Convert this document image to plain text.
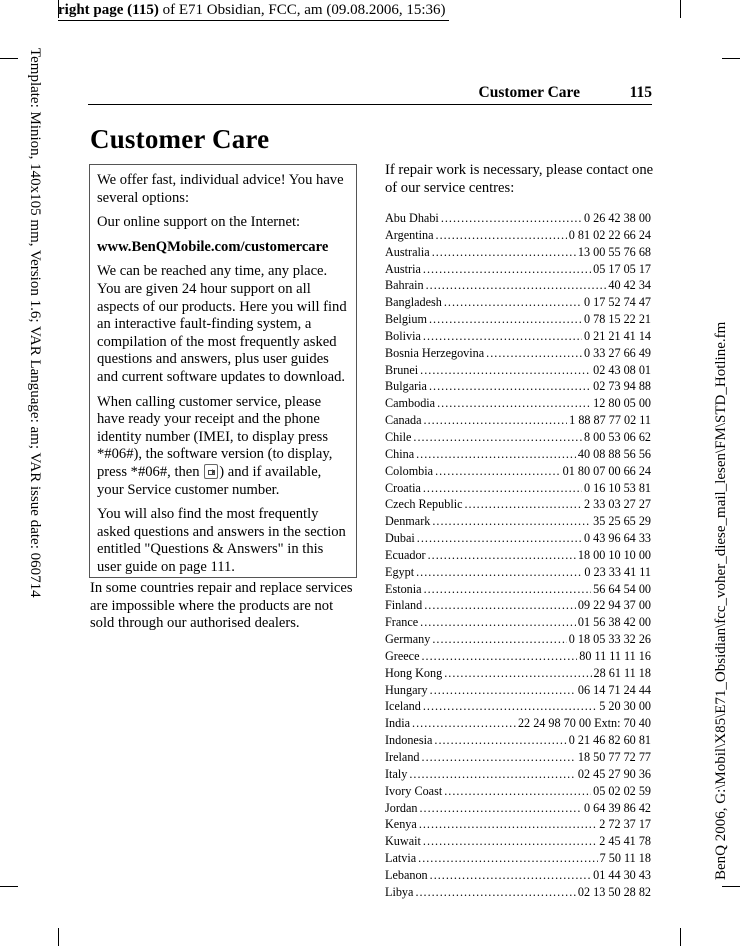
right page (115) of E71 Obsidian, FCC, am (09.08.2006, 15:36)
Template: Minion, 140x105 mm, Version 1.6; VAR Language: am; VAR issue date: 060714	BenQ 2006, G:\Mobil\X85\E71_Obsidian\fcc_voher_diese_mail_lesen\FM\STD_Hotline.fm
Customer Care	115
Customer Care

We offer fast, individual advice! You have several options:

Our online support on the Internet:

www.BenQMobile.com/customercare

We can be reached any time, any place. You are given 24 hour support on all aspects of our products. Here you will find an interactive fault-finding system, a compilation of the most frequently asked questions and answers, plus user guides and current software updates to download.

When calling customer service, please have ready your receipt and the phone identity number (IMEI, to display press *#06#), the software version (to display, press *#06#, then ) and if available, your Service customer number.

You will also find the most frequently asked questions and answers in the section entitled "Questions & Answers" in this user guide on page 111.

In some countries repair and replace services are impossible where the products are not sold through our authorised dealers.

If repair work is necessary, please contact one of our service centres:

Abu Dhabi .....	0 26 42 38 00
Argentina .....	0 81 02 22 66 24
Australia .....	13 00 55 76 68
Austria .....	05 17 05 17
Bahrain .....	40 42 34
Bangladesh .....	0 17 52 74 47
Belgium .....	0 78 15 22 21
Bolivia .....	0 21 21 41 14
Bosnia Herzegovina .....	0 33 27 66 49
Brunei .....	02 43 08 01
Bulgaria .....	02 73 94 88
Cambodia .....	12 80 05 00
Canada .....	1 88 87 77 02 11
Chile .....	8 00 53 06 62
China .....	40 08 88 56 56
Colombia .....	01 80 07 00 66 24
Croatia .....	0 16 10 53 81
Czech Republic .....	2 33 03 27 27
Denmark .....	35 25 65 29
Dubai .....	0 43 96 64 33
Ecuador .....	18 00 10 10 00
Egypt .....	0 23 33 41 11
Estonia .....	56 64 54 00
Finland .....	09 22 94 37 00
France .....	01 56 38 42 00
Germany .....	0 18 05 33 32 26
Greece .....	80 11 11 11 16
Hong Kong .....	28 61 11 18
Hungary .....	06 14 71 24 44
Iceland .....	5 20 30 00
India .....	22 24 98 70 00 Extn: 70 40
Indonesia .....	0 21 46 82 60 81
Ireland .....	18 50 77 72 77
Italy .....	02 45 27 90 36
Ivory Coast .....	05 02 02 59
Jordan .....	0 64 39 86 42
Kenya .....	2 72 37 17
Kuwait .....	2 45 41 78
Latvia .....	7 50 11 18
Lebanon .....	01 44 30 43
Libya .....	02 13 50 28 82
